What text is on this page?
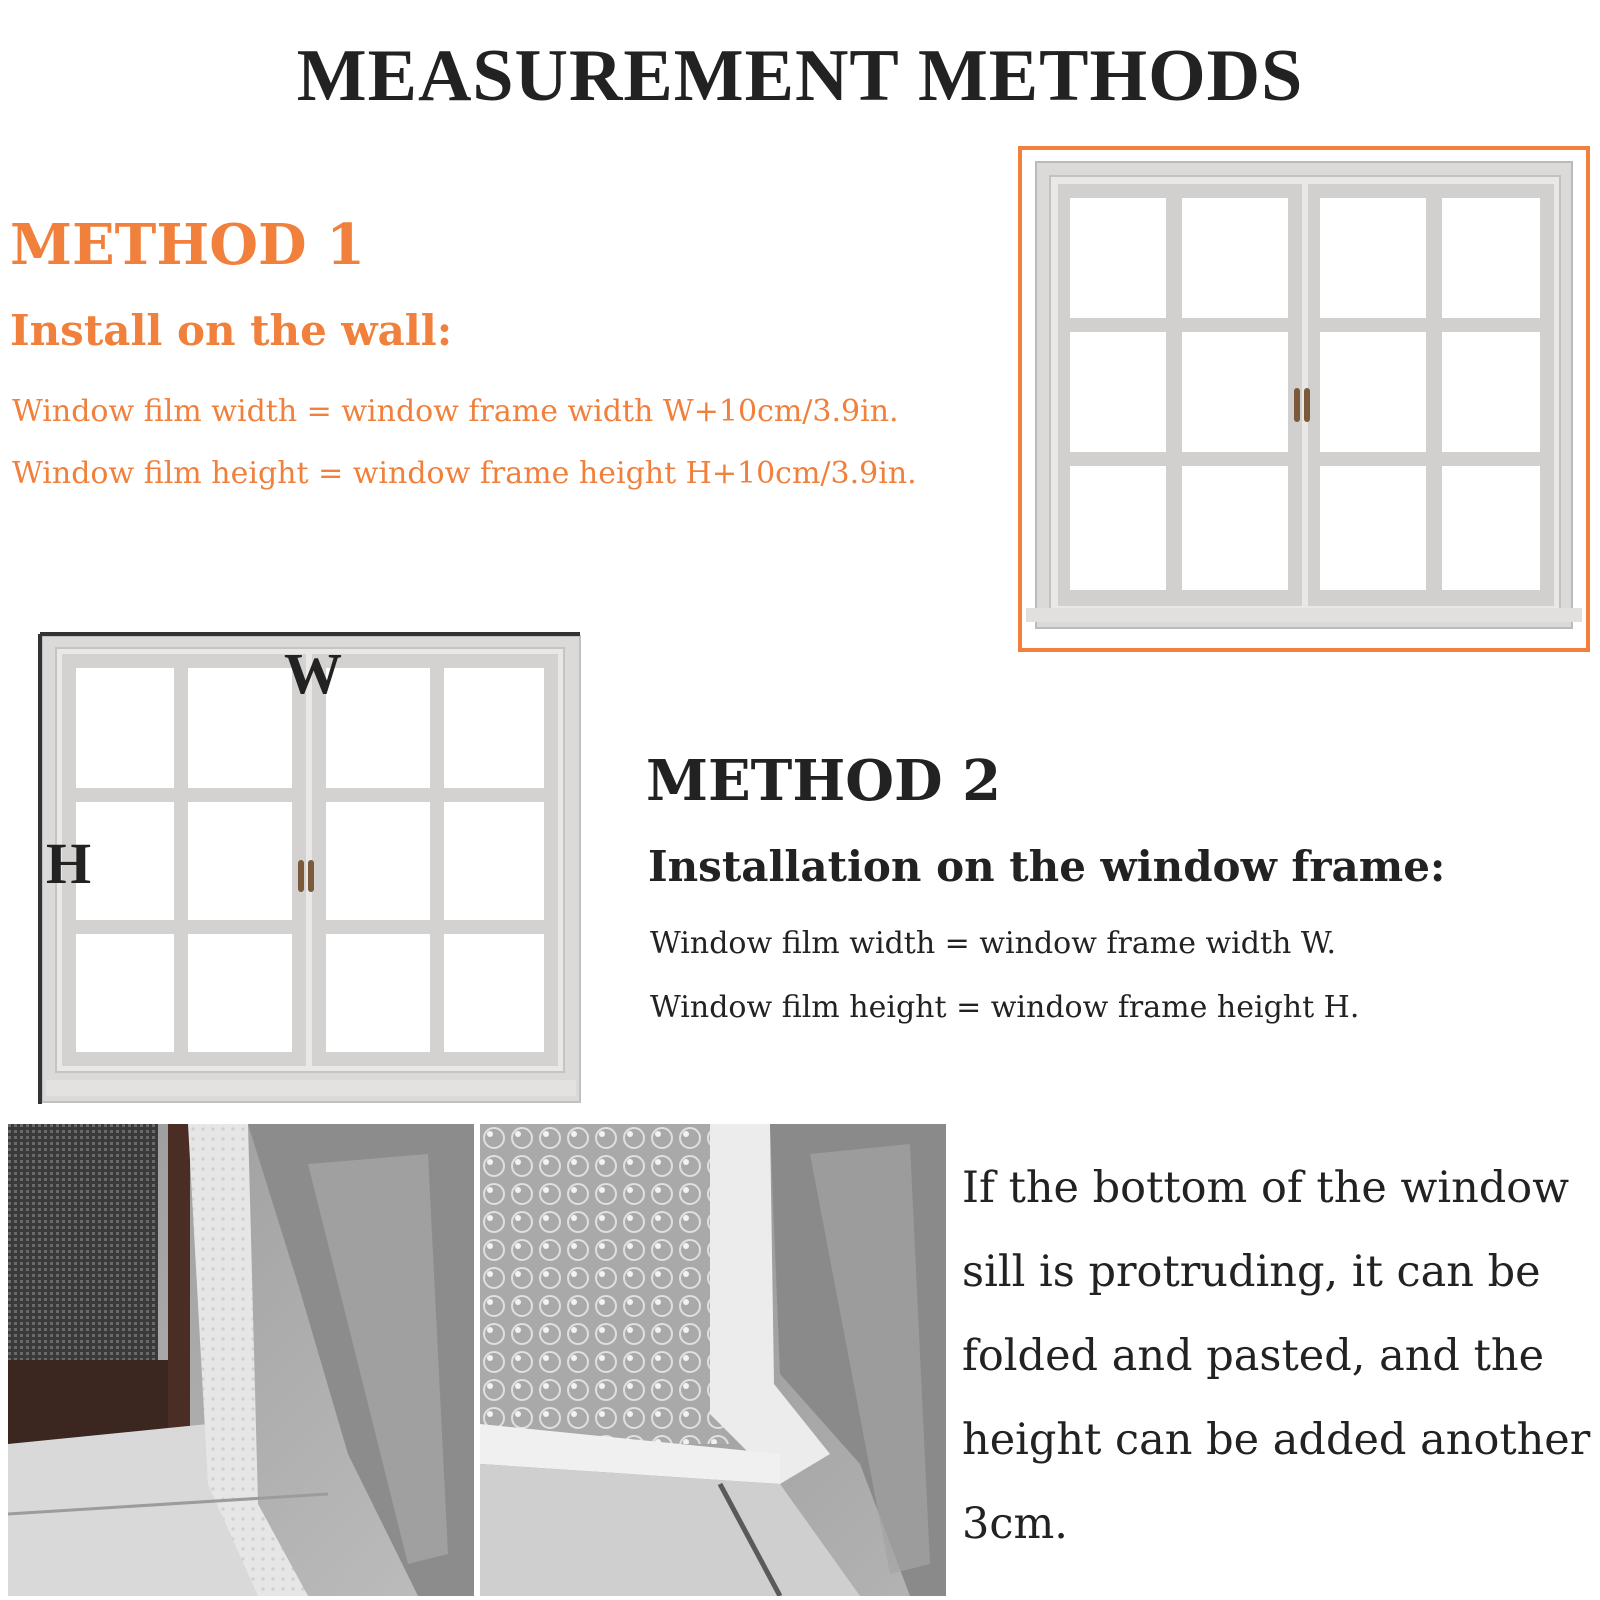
MEASUREMENT METHODS
METHOD 1
Install on the wall:
Window film width = window frame width W+10cm/3.9in.
Window film height = window frame height H+10cm/3.9in.
W
H
METHOD 2
Installation on the window frame:
Window film width = window frame width W.
Window film height = window frame height H.
If the bottom of the window sill is protruding, it can be folded and pasted, and the height can be added another 3cm.
